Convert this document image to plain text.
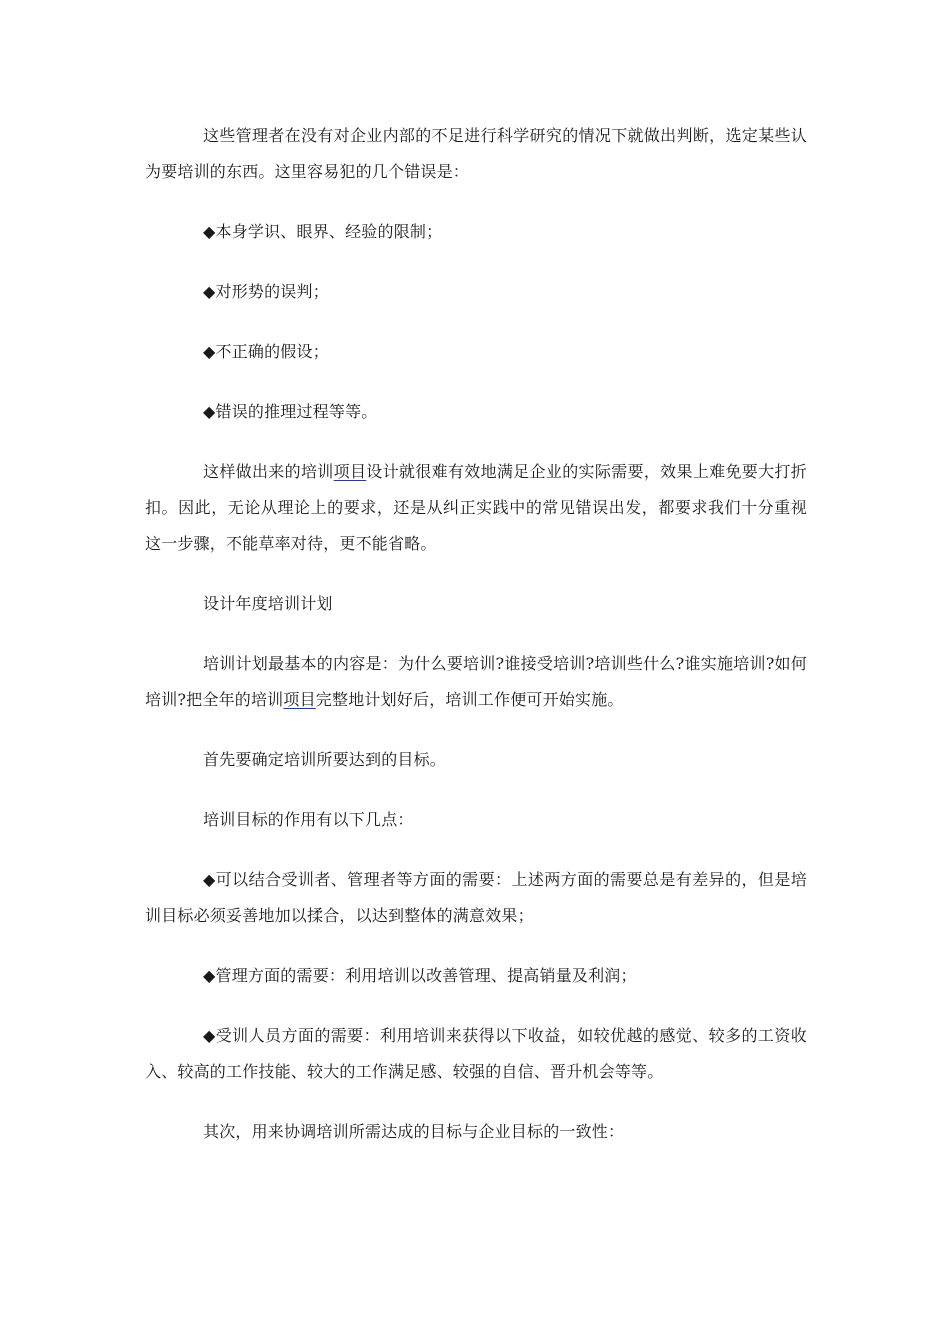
这些管理者在没有对企业内部的不足进行科学研究的情况下就做出判断，选定某些认为要培训的东西。这里容易犯的几个错误是：

◆本身学识、眼界、经验的限制；

◆对形势的误判；

◆不正确的假设；

◆错误的推理过程等等。

这样做出来的培训项目设计就很难有效地满足企业的实际需要，效果上难免要大打折扣。因此，无论从理论上的要求，还是从纠正实践中的常见错误出发，都要求我们十分重视这一步骤，不能草率对待，更不能省略。

设计年度培训计划

培训计划最基本的内容是：为什么要培训?谁接受培训?培训些什么?谁实施培训?如何培训?把全年的培训项目完整地计划好后，培训工作便可开始实施。

首先要确定培训所要达到的目标。

培训目标的作用有以下几点：

◆可以结合受训者、管理者等方面的需要：上述两方面的需要总是有差异的，但是培训目标必须妥善地加以揉合，以达到整体的满意效果；

◆管理方面的需要：利用培训以改善管理、提高销量及利润；

◆受训人员方面的需要：利用培训来获得以下收益，如较优越的感觉、较多的工资收入、较高的工作技能、较大的工作满足感、较强的自信、晋升机会等等。

其次，用来协调培训所需达成的目标与企业目标的一致性：
